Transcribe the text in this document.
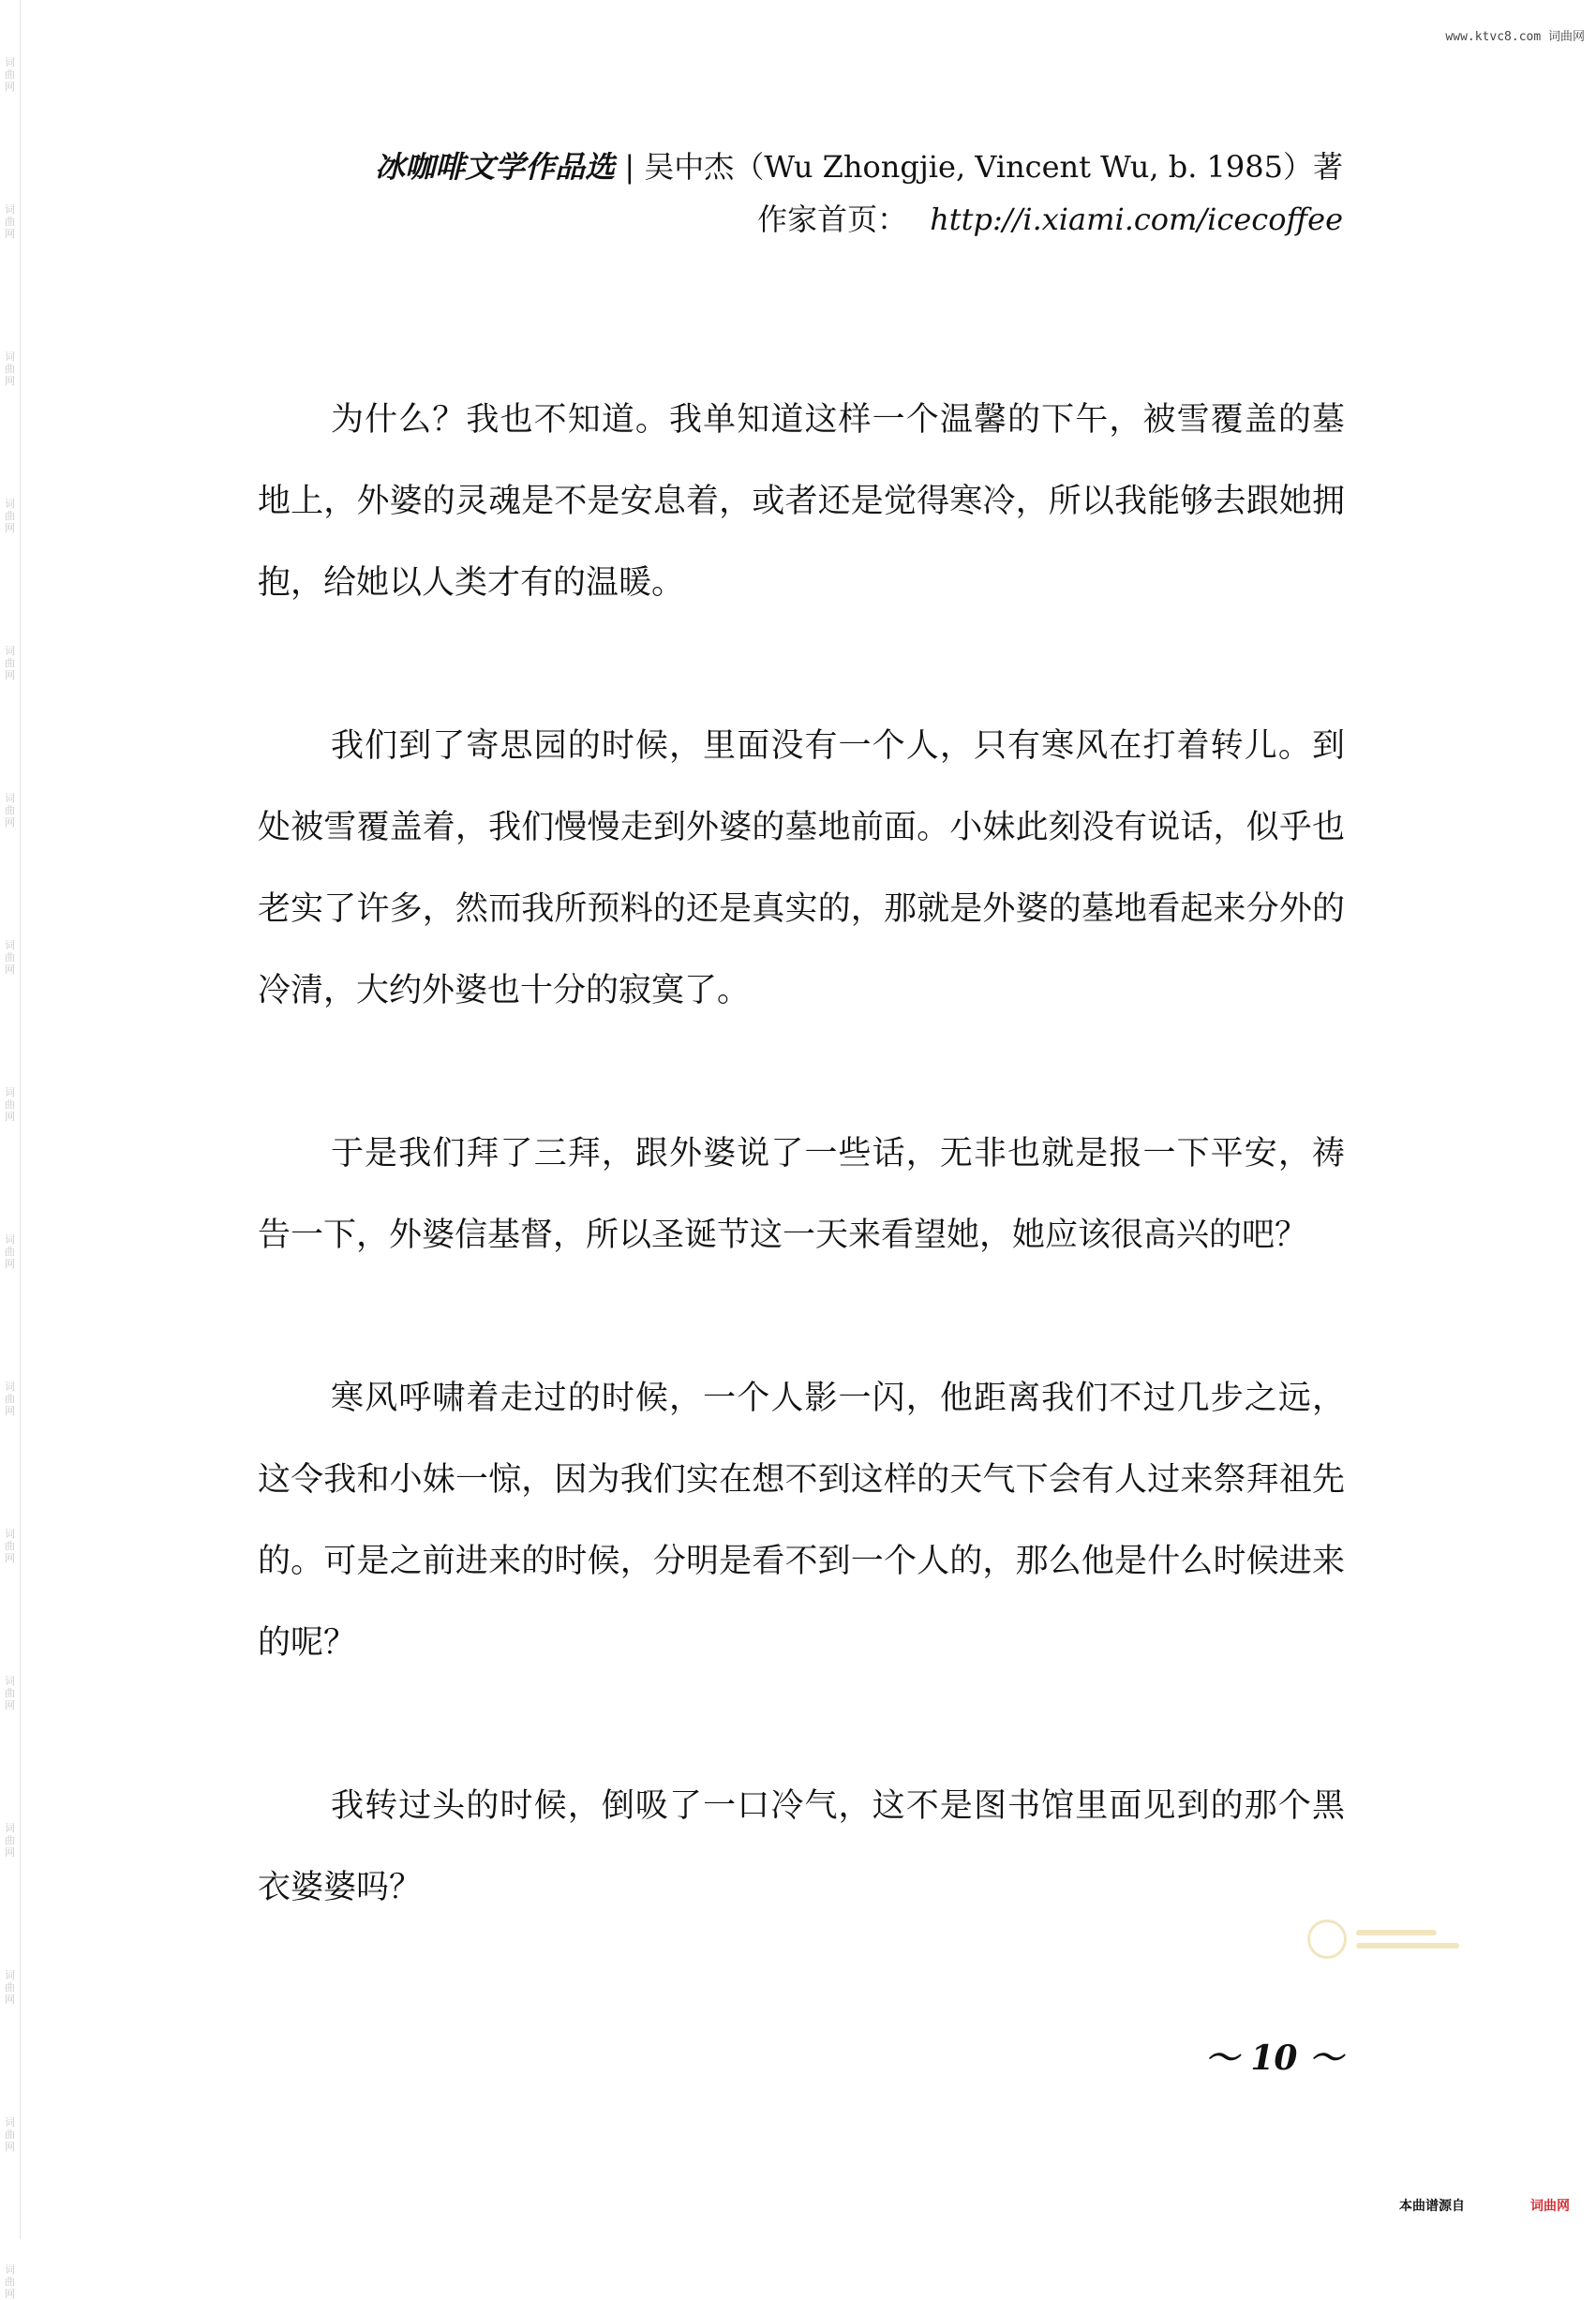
词曲网
词曲网
词曲网
词曲网
词曲网
词曲网
词曲网
词曲网
词曲网
词曲网
词曲网
词曲网
词曲网
词曲网
词曲网
词曲网
www.ktvc8.com 词曲网
冰咖啡文学作品选 | 吴中杰（Wu Zhongjie, Vincent Wu, b. 1985）著
作家首页： http://i.xiami.com/icecoffee

为什么？我也不知道。我单知道这样一个温馨的下午，被雪覆盖的墓地上，外婆的灵魂是不是安息着，或者还是觉得寒冷，所以我能够去跟她拥抱，给她以人类才有的温暖。

我们到了寄思园的时候，里面没有一个人，只有寒风在打着转儿。到处被雪覆盖着，我们慢慢走到外婆的墓地前面。小妹此刻没有说话，似乎也老实了许多，然而我所预料的还是真实的，那就是外婆的墓地看起来分外的冷清，大约外婆也十分的寂寞了。

于是我们拜了三拜，跟外婆说了一些话，无非也就是报一下平安，祷告一下，外婆信基督，所以圣诞节这一天来看望她，她应该很高兴的吧？

寒风呼啸着走过的时候，一个人影一闪，他距离我们不过几步之远，这令我和小妹一惊，因为我们实在想不到这样的天气下会有人过来祭拜祖先的。可是之前进来的时候，分明是看不到一个人的，那么他是什么时候进来的呢？

我转过头的时候，倒吸了一口冷气，这不是图书馆里面见到的那个黑衣婆婆吗？

～ 10 ～
本曲谱源自	词曲网
